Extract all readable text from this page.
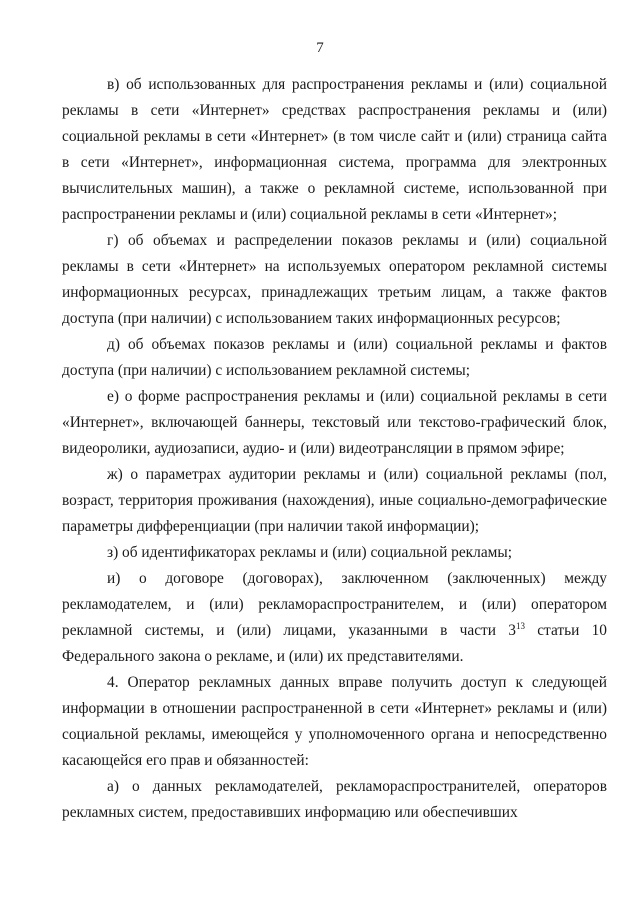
7

в) об использованных для распространения рекламы и (или) социальной рекламы в сети «Интернет» средствах распространения рекламы и (или) социальной рекламы в сети «Интернет» (в том числе сайт и (или) страница сайта в сети «Интернет», информационная система, программа для электронных вычислительных машин), а также о рекламной системе, использованной при распространении рекламы и (или) социальной рекламы в сети «Интернет»;

г) об объемах и распределении показов рекламы и (или) социальной рекламы в сети «Интернет» на используемых оператором рекламной системы информационных ресурсах, принадлежащих третьим лицам, а также фактов доступа (при наличии) с использованием таких информационных ресурсов;

д) об объемах показов рекламы и (или) социальной рекламы и фактов доступа (при наличии) с использованием рекламной системы;

е) о форме распространения рекламы и (или) социальной рекламы в сети «Интернет», включающей баннеры, текстовый или текстово-графический блок, видеоролики, аудиозаписи, аудио- и (или) видеотрансляции в прямом эфире;

ж) о параметрах аудитории рекламы и (или) социальной рекламы (пол, возраст, территория проживания (нахождения), иные социально-демографические параметры дифференциации (при наличии такой информации);

з) об идентификаторах рекламы и (или) социальной рекламы;

и) о договоре (договорах), заключенном (заключенных) между рекламодателем, и (или) рекламораспространителем, и (или) оператором рекламной системы, и (или) лицами, указанными в части $3^{13}$ статьи 10 Федерального закона о рекламе, и (или) их представителями.

4. Оператор рекламных данных вправе получить доступ к следующей информации в отношении распространенной в сети «Интернет» рекламы и (или) социальной рекламы, имеющейся у уполномоченного органа и непосредственно касающейся его прав и обязанностей:

а) о данных рекламодателей, рекламораспространителей, операторов рекламных систем, предоставивших информацию или обеспечивших
